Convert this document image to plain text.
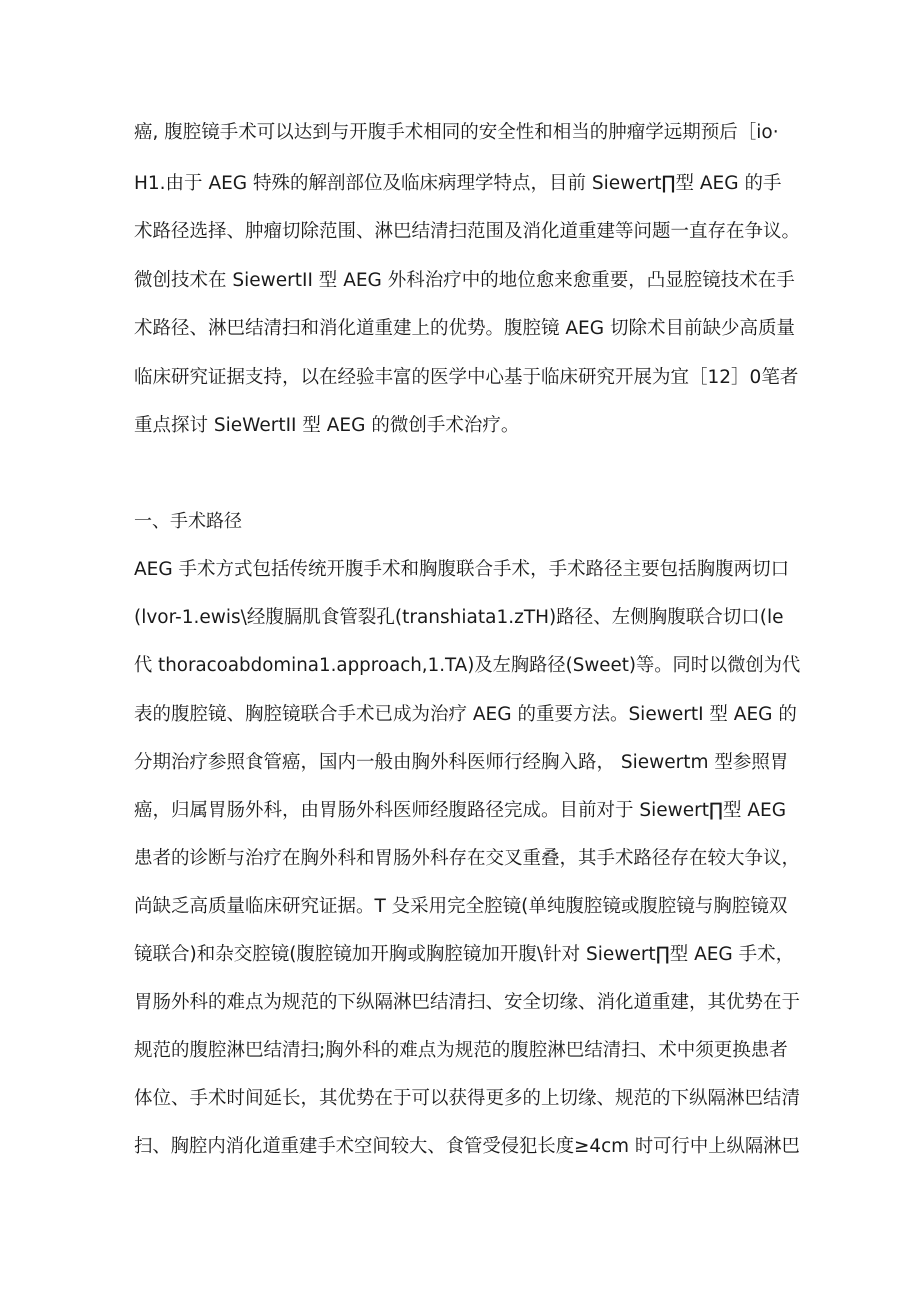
癌, 腹腔镜手术可以达到与开腹手术相同的安全性和相当的肿瘤学远期预后［io·
H1.由于 AEG 特殊的解剖部位及临床病理学特点，目前 Siewert∏型 AEG 的手
术路径选择、肿瘤切除范围、淋巴结清扫范围及消化道重建等问题一直存在争议。
微创技术在 SiewertII 型 AEG 外科治疗中的地位愈来愈重要，凸显腔镜技术在手
术路径、淋巴结清扫和消化道重建上的优势。腹腔镜 AEG 切除术目前缺少高质量
临床研究证据支持，以在经验丰富的医学中心基于临床研究开展为宜［12］0笔者
重点探讨 SieWertII 型 AEG 的微创手术治疗。
一、手术路径
AEG 手术方式包括传统开腹手术和胸腹联合手术，手术路径主要包括胸腹两切口
(lvor-1.ewis\经腹膈肌食管裂孔(transhiata1.zTH)路径、左侧胸腹联合切口(le
代 thoracoabdomina1.approach,1.TA)及左胸路径(Sweet)等。同时以微创为代
表的腹腔镜、胸腔镜联合手术已成为治疗 AEG 的重要方法。SiewertI 型 AEG 的
分期治疗参照食管癌，国内一般由胸外科医师行经胸入路， Siewertm 型参照胃
癌，归属胃肠外科，由胃肠外科医师经腹路径完成。目前对于 Siewert∏型 AEG
患者的诊断与治疗在胸外科和胃肠外科存在交叉重叠，其手术路径存在较大争议，
尚缺乏高质量临床研究证据。T 殳采用完全腔镜(单纯腹腔镜或腹腔镜与胸腔镜双
镜联合)和杂交腔镜(腹腔镜加开胸或胸腔镜加开腹\针对 Siewert∏型 AEG 手术，
胃肠外科的难点为规范的下纵隔淋巴结清扫、安全切缘、消化道重建，其优势在于
规范的腹腔淋巴结清扫;胸外科的难点为规范的腹腔淋巴结清扫、术中须更换患者
体位、手术时间延长，其优势在于可以获得更多的上切缘、规范的下纵隔淋巴结清
扫、胸腔内消化道重建手术空间较大、食管受侵犯长度≥4cm 时可行中上纵隔淋巴
